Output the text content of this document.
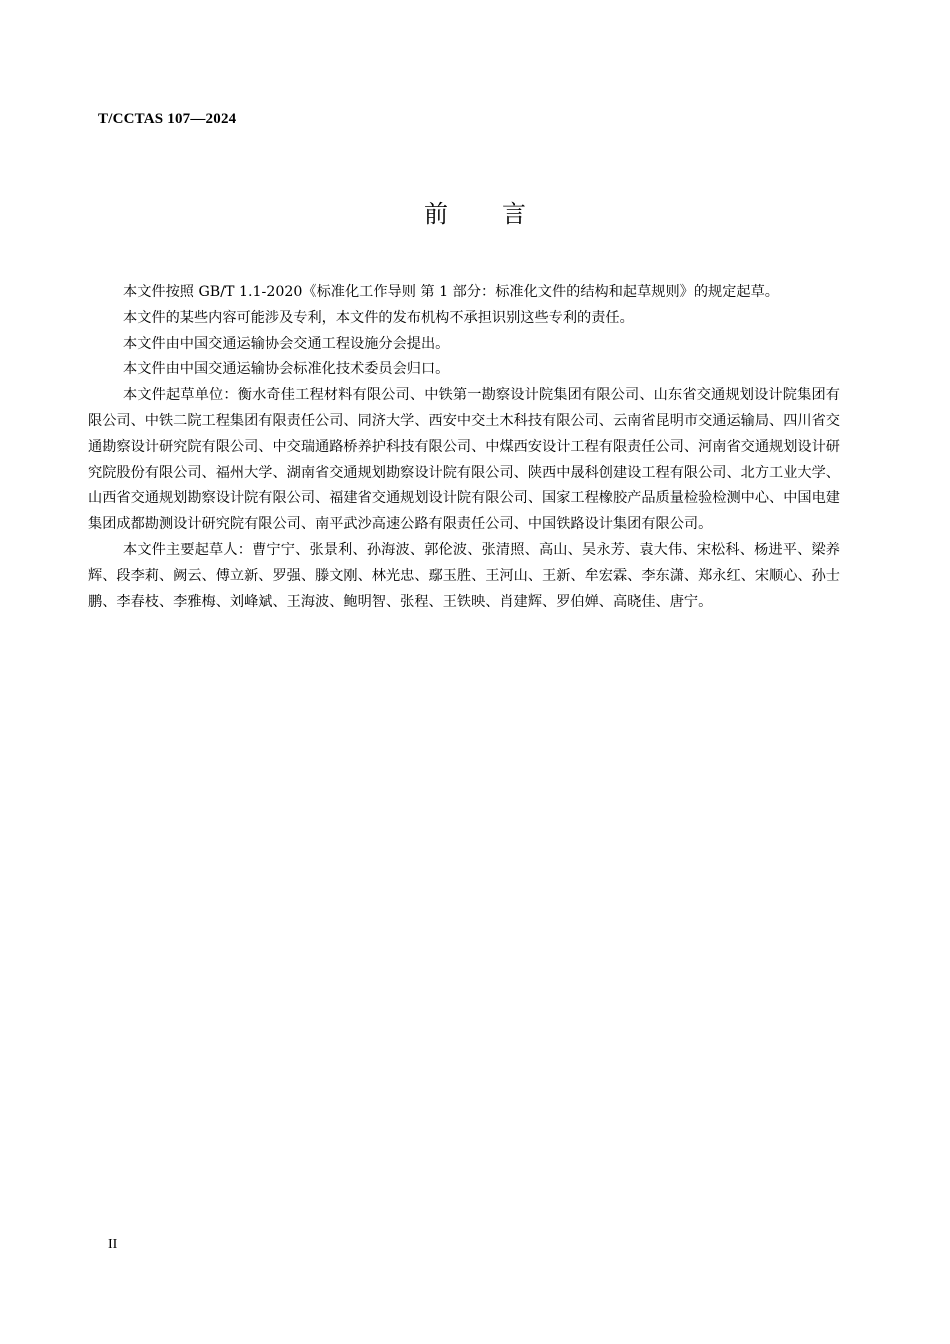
T/CCTAS 107—2024
前言

本文件按照 GB/T 1.1-2020《标准化工作导则 第 1 部分：标准化文件的结构和起草规则》的规定起草。

本文件的某些内容可能涉及专利，本文件的发布机构不承担识别这些专利的责任。

本文件由中国交通运输协会交通工程设施分会提出。

本文件由中国交通运输协会标准化技术委员会归口。

本文件起草单位：衡水奇佳工程材料有限公司、中铁第一勘察设计院集团有限公司、山东省交通规划设计院集团有限公司、中铁二院工程集团有限责任公司、同济大学、西安中交土木科技有限公司、云南省昆明市交通运输局、四川省交通勘察设计研究院有限公司、中交瑞通路桥养护科技有限公司、中煤西安设计工程有限责任公司、河南省交通规划设计研究院股份有限公司、福州大学、湖南省交通规划勘察设计院有限公司、陕西中晟科创建设工程有限公司、北方工业大学、山西省交通规划勘察设计院有限公司、福建省交通规划设计院有限公司、国家工程橡胶产品质量检验检测中心、中国电建集团成都勘测设计研究院有限公司、南平武沙高速公路有限责任公司、中国铁路设计集团有限公司。

本文件主要起草人：曹宁宁、张景利、孙海波、郭伦波、张清照、高山、吴永芳、袁大伟、宋松科、杨进平、梁养辉、段李莉、阙云、傅立新、罗强、滕文刚、林光忠、鄢玉胜、王河山、王新、牟宏霖、李东潇、郑永红、宋顺心、孙士鹏、李春枝、李雅梅、刘峰斌、王海波、鲍明智、张程、王铁映、肖建辉、罗伯婵、高晓佳、唐宁。

II
